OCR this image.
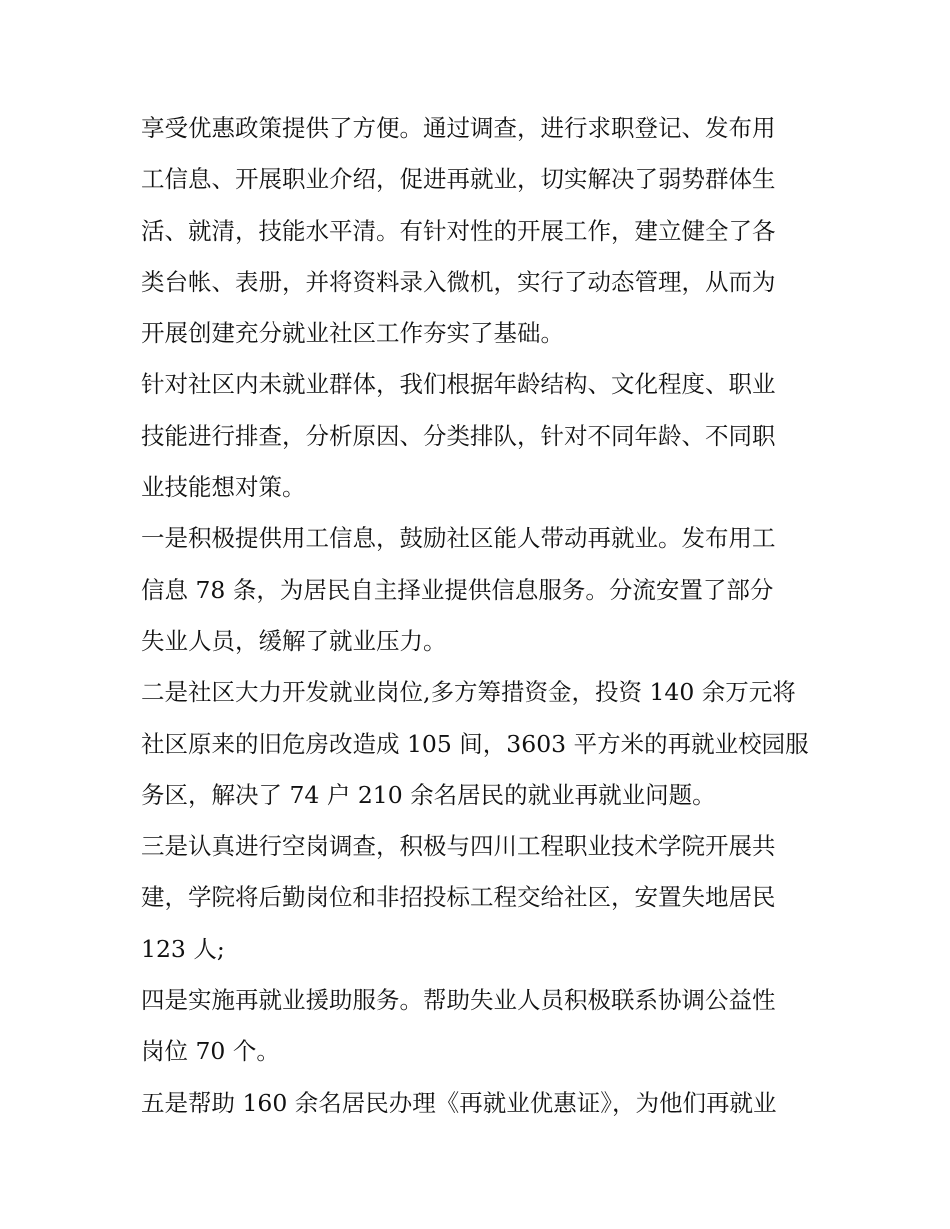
享受优惠政策提供了方便。通过调查，进行求职登记、发布用
工信息、开展职业介绍，促进再就业，切实解决了弱势群体生
活、就清，技能水平清。有针对性的开展工作，建立健全了各
类台帐、表册，并将资料录入微机，实行了动态管理，从而为
开展创建充分就业社区工作夯实了基础。
针对社区内未就业群体，我们根据年龄结构、文化程度、职业
技能进行排查，分析原因、分类排队，针对不同年龄、不同职
业技能想对策。
一是积极提供用工信息，鼓励社区能人带动再就业。发布用工
信息 78 条，为居民自主择业提供信息服务。分流安置了部分
失业人员，缓解了就业压力。
二是社区大力开发就业岗位,多方筹措资金，投资 140 余万元将
社区原来的旧危房改造成 105 间，3603 平方米的再就业校园服
务区，解决了 74 户 210 余名居民的就业再就业问题。
三是认真进行空岗调查，积极与四川工程职业技术学院开展共
建，学院将后勤岗位和非招投标工程交给社区，安置失地居民
123 人;
四是实施再就业援助服务。帮助失业人员积极联系协调公益性
岗位 70 个。
五是帮助 160 余名居民办理《再就业优惠证》，为他们再就业
